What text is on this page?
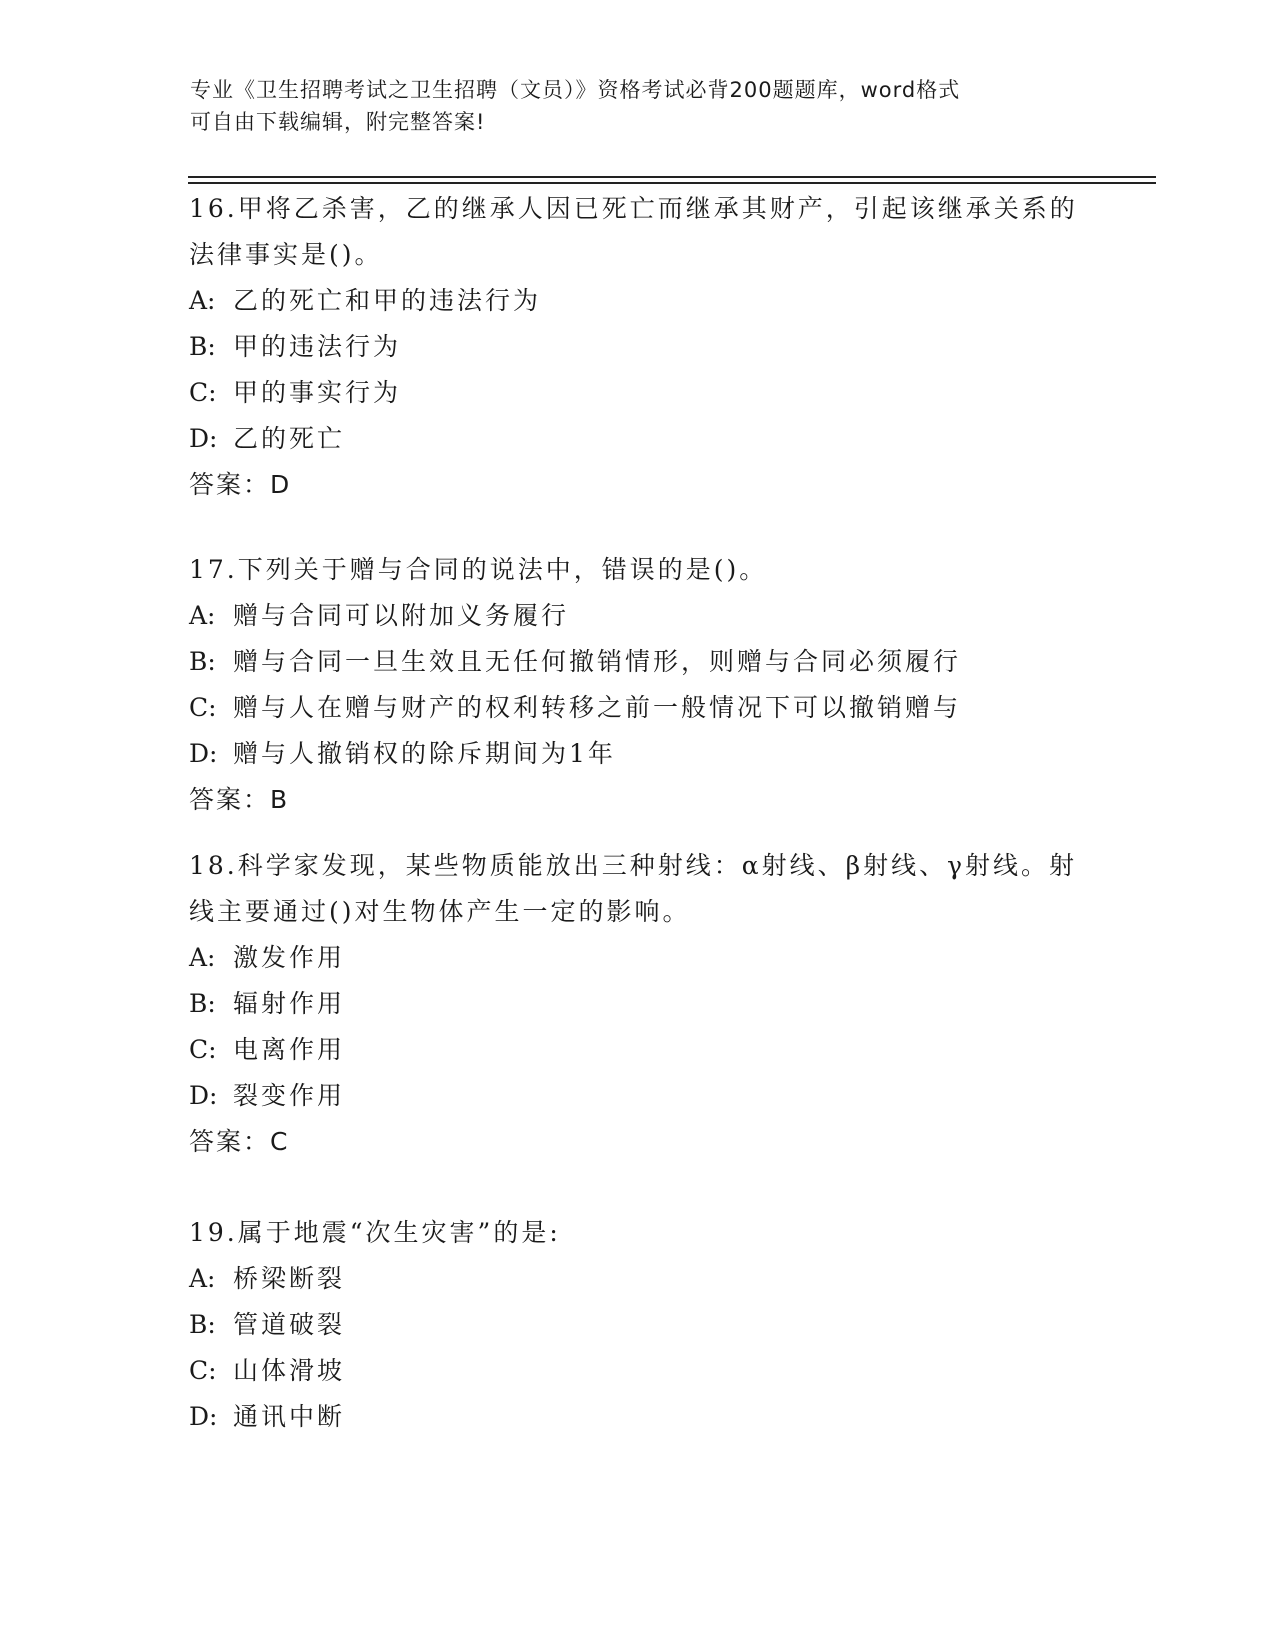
专业《卫生招聘考试之卫生招聘（文员）》资格考试必背200题题库，word格式
可自由下载编辑，附完整答案!

16.甲将乙杀害，乙的继承人因已死亡而继承其财产，引起该继承关系的法律事实是()。

A: 乙的死亡和甲的违法行为

B: 甲的违法行为

C: 甲的事实行为

D: 乙的死亡

答案：D

17.下列关于赠与合同的说法中，错误的是()。

A: 赠与合同可以附加义务履行

B: 赠与合同一旦生效且无任何撤销情形，则赠与合同必须履行

C: 赠与人在赠与财产的权利转移之前一般情况下可以撤销赠与

D: 赠与人撤销权的除斥期间为1年

答案：B

18.科学家发现，某些物质能放出三种射线：α射线、β射线、γ射线。射线主要通过()对生物体产生一定的影响。

A: 激发作用

B: 辐射作用

C: 电离作用

D: 裂变作用

答案：C

19.属于地震“次生灾害”的是:

A: 桥梁断裂

B: 管道破裂

C: 山体滑坡

D: 通讯中断
